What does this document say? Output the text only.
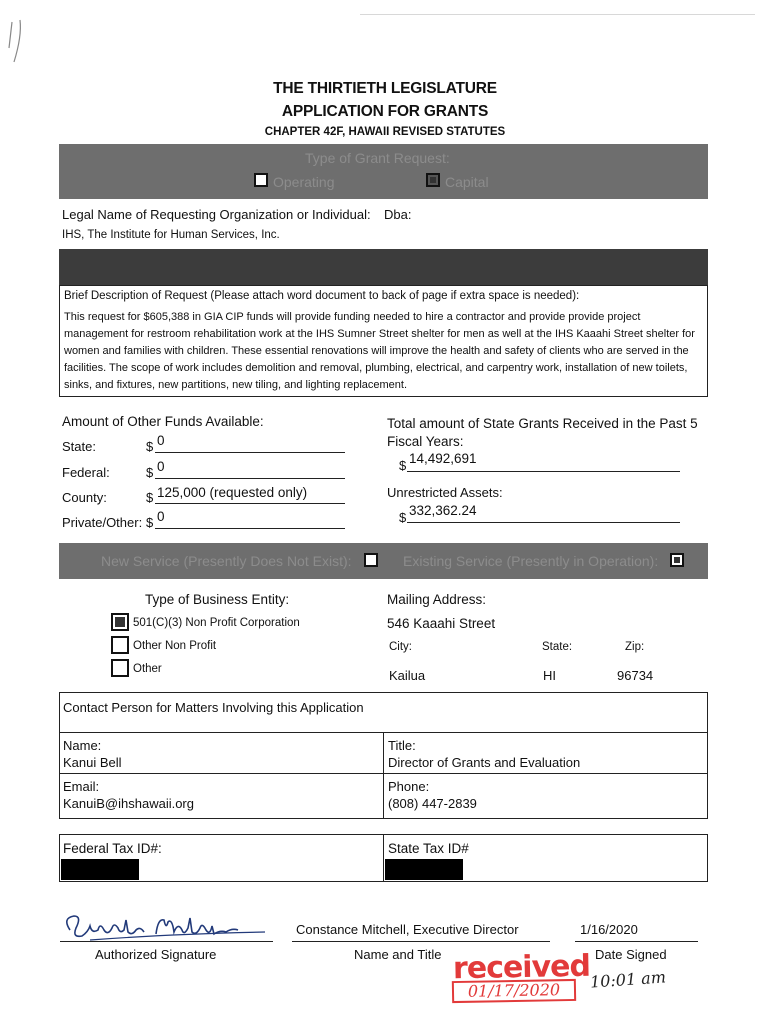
THE THIRTIETH LEGISLATURE
APPLICATION FOR GRANTS
CHAPTER 42F, HAWAII REVISED STATUTES
Type of Grant Request:
Operating	Capital
Legal Name of Requesting Organization or Individual: Dba:
IHS, The Institute for Human Services, Inc.
Brief Description of Request (Please attach word document to back of page if extra space is needed):
This request for $605,388 in GIA CIP funds will provide funding needed to hire a contractor and provide provide project management for restroom rehabilitation work at the IHS Sumner Street shelter for men as well at the IHS Kaaahi Street shelter for women and families with children. These essential renovations will improve the health and safety of clients who are served in the facilities. The scope of work includes demolition and removal, plumbing, electrical, and carpentry work, installation of new toilets, sinks, and fixtures, new partitions, new tiling, and lighting replacement.
Amount of Other Funds Available:
State:	$ 0
Federal:	$ 0
County:	$ 125,000 (requested only)
Private/Other: $ 0
Total amount of State Grants Received in the Past 5
Fiscal Years:
$ 14,492,691
Unrestricted Assets:
$ 332,362.24
New Service (Presently Does Not Exist):	Existing Service (Presently in Operation):
Type of Business Entity:
501(C)(3) Non Profit Corporation
Other Non Profit
Other
Mailing Address:
546 Kaaahi Street
City:	State:	Zip:
Kailua	HI	96734
Contact Person for Matters Involving this Application
Name:
Kanui Bell
Title:
Director of Grants and Evaluation
Email:
KanuiB@ihshawaii.org
Phone:
(808) 447-2839
Federal Tax ID#:	State Tax ID#
Authorized Signature
Constance Mitchell, Executive Director
Name and Title
1/16/2020
Date Signed
received
01/17/2020	10:01 am
